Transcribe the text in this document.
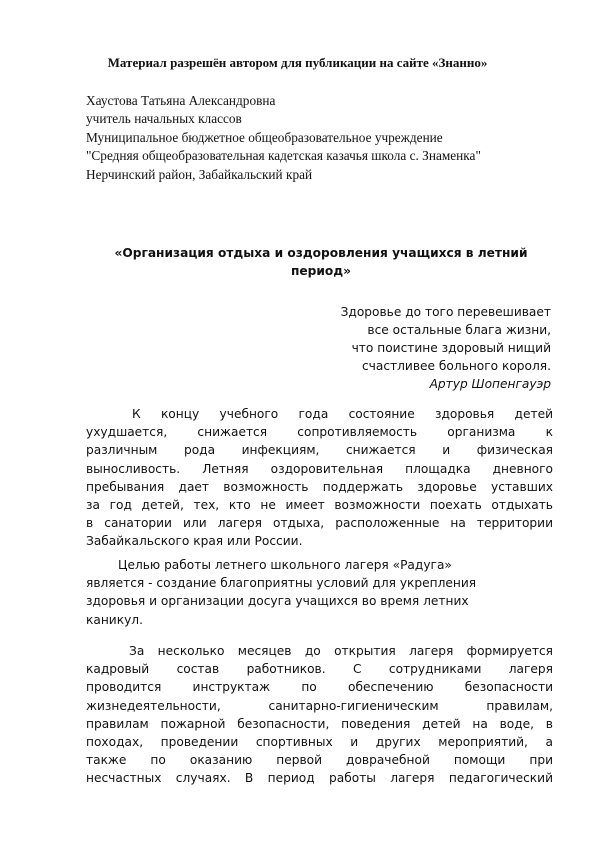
Материал разрешён автором для публикации на сайте «Знанно»
Хаустова Татьяна Александровна
учитель начальных классов
Муниципальное бюджетное общеобразовательное учреждение
"Средняя общеобразовательная кадетская казачья школа с. Знаменка"
Нерчинский район, Забайкальский край
«Организация отдыха и оздоровления учащихся в летний
период»
Здоровье до того перевешивает
все остальные блага жизни,
что поистине здоровый нищий
счастливее больного короля.
Артур Шопенгауэр
К концу учебного года состояние здоровья детей
ухудшается, снижается сопротивляемость организма к
различным рода инфекциям, снижается и физическая
выносливость. Летняя оздоровительная площадка дневного
пребывания дает возможность поддержать здоровье уставших
за год детей, тех, кто не имеет возможности поехать отдыхать
в санатории или лагеря отдыха, расположенные на территории
Забайкальского края или России.
Целью работы летнего школьного лагеря «Радуга»
является - создание благоприятны условий для укрепления
здоровья и организации досуга учащихся во время летних
каникул.
За несколько месяцев до открытия лагеря формируется
кадровый состав работников. С сотрудниками лагеря
проводится инструктаж по обеспечению безопасности
жизнедеятельности, санитарно-гигиеническим правилам,
правилам пожарной безопасности, поведения детей на воде, в
походах, проведении спортивных и других мероприятий, а
также по оказанию первой доврачебной помощи при
несчастных случаях. В период работы лагеря педагогический
